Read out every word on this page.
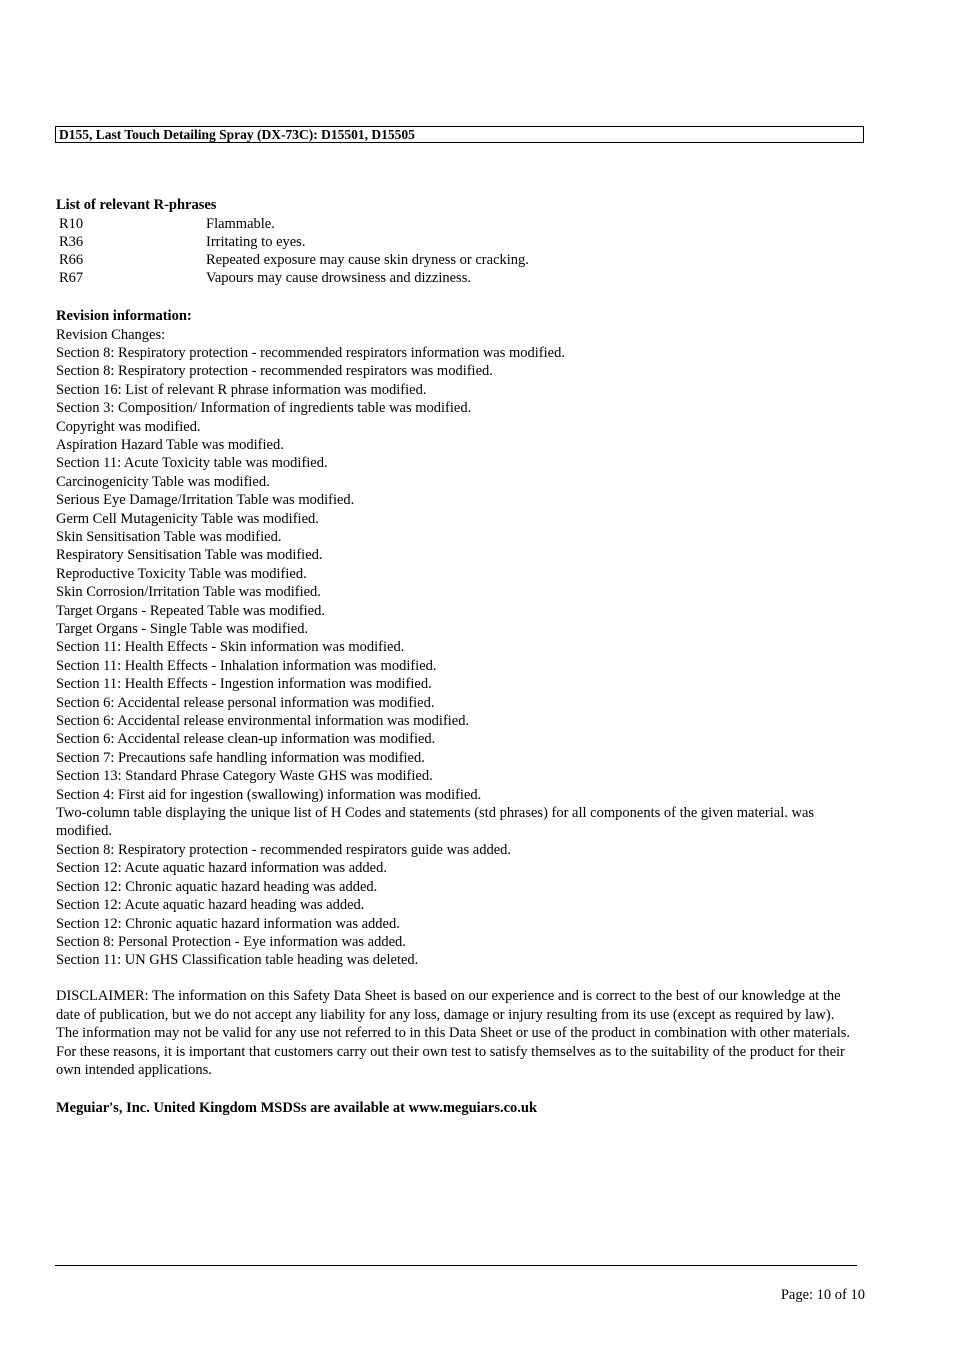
D155, Last Touch Detailing Spray (DX-73C): D15501, D15505
List of relevant R-phrases
R10	Flammable.
R36	Irritating to eyes.
R66	Repeated exposure may cause skin dryness or cracking.
R67	Vapours may cause drowsiness and dizziness.
Revision information:
Revision Changes:
Section 8: Respiratory protection - recommended respirators information was modified.
Section 8: Respiratory protection - recommended respirators was modified.
Section 16: List of relevant R phrase information was modified.
Section 3: Composition/ Information of ingredients table was modified.
Copyright was modified.
Aspiration Hazard Table was modified.
Section 11: Acute Toxicity table was modified.
Carcinogenicity Table was modified.
Serious Eye Damage/Irritation Table was modified.
Germ Cell Mutagenicity Table was modified.
Skin Sensitisation Table was modified.
Respiratory Sensitisation Table was modified.
Reproductive Toxicity Table was modified.
Skin Corrosion/Irritation Table was modified.
Target Organs - Repeated Table was modified.
Target Organs - Single Table was modified.
Section 11: Health Effects - Skin information was modified.
Section 11: Health Effects - Inhalation information was modified.
Section 11: Health Effects - Ingestion information was modified.
Section 6: Accidental release personal information was modified.
Section 6: Accidental release environmental information was modified.
Section 6: Accidental release clean-up information was modified.
Section 7: Precautions safe handling information was modified.
Section 13: Standard Phrase Category Waste GHS was modified.
Section 4: First aid for ingestion (swallowing) information was modified.
Two-column table displaying the unique list of H Codes and statements (std phrases) for all components of the given material. was modified.
Section 8: Respiratory protection - recommended respirators guide was added.
Section 12: Acute aquatic hazard information was added.
Section 12: Chronic aquatic hazard heading was added.
Section 12: Acute aquatic hazard heading was added.
Section 12: Chronic aquatic hazard information was added.
Section 8: Personal Protection - Eye information was added.
Section 11: UN GHS Classification table heading was deleted.
DISCLAIMER: The information on this Safety Data Sheet is based on our experience and is correct to the best of our knowledge at the date of publication, but we do not accept any liability for any loss, damage or injury resulting from its use (except as required by law). The information may not be valid for any use not referred to in this Data Sheet or use of the product in combination with other materials. For these reasons, it is important that customers carry out their own test to satisfy themselves as to the suitability of the product for their own intended applications.
Meguiar's, Inc. United Kingdom MSDSs are available at www.meguiars.co.uk
Page: 10 of 10
